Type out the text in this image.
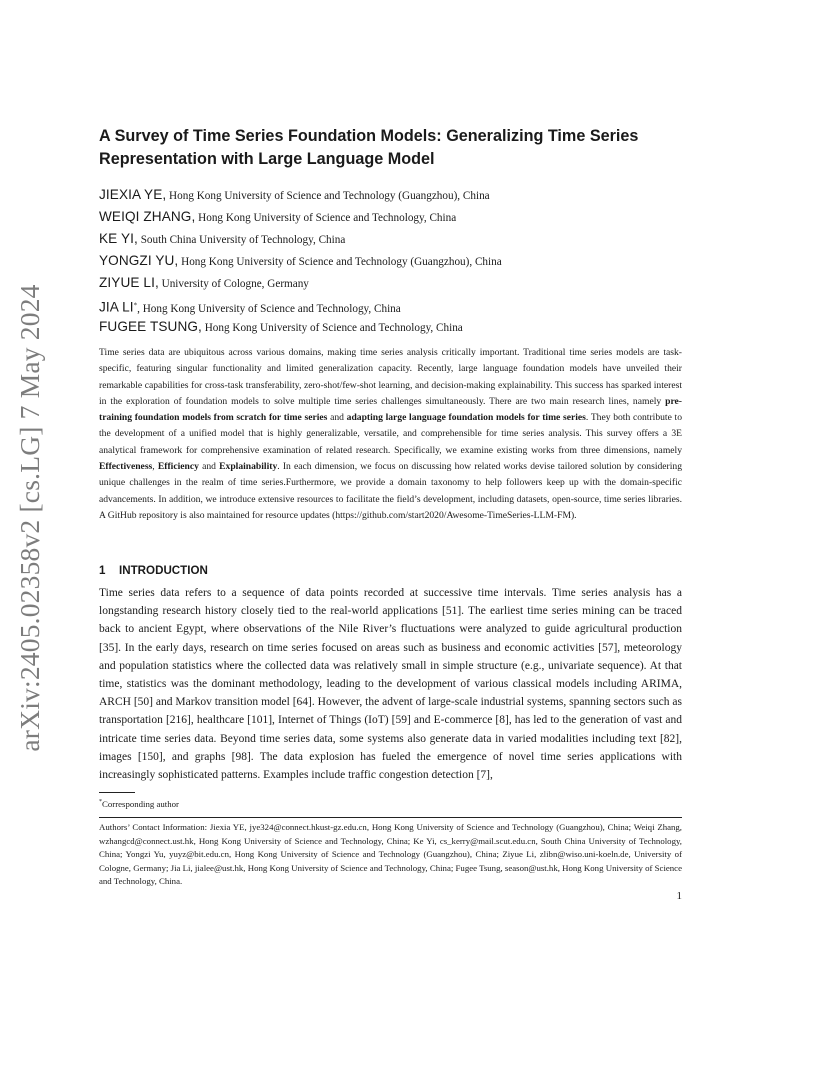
arXiv:2405.02358v2 [cs.LG] 7 May 2024
A Survey of Time Series Foundation Models: Generalizing Time Series Representation with Large Language Model
JIEXIA YE, Hong Kong University of Science and Technology (Guangzhou), China
WEIQI ZHANG, Hong Kong University of Science and Technology, China
KE YI, South China University of Technology, China
YONGZI YU, Hong Kong University of Science and Technology (Guangzhou), China
ZIYUE LI, University of Cologne, Germany
JIA LI*, Hong Kong University of Science and Technology, China
FUGEE TSUNG, Hong Kong University of Science and Technology, China

Time series data are ubiquitous across various domains, making time series analysis critically important. Traditional time series models are task-specific, featuring singular functionality and limited generalization capacity. Recently, large language foundation models have unveiled their remarkable capabilities for cross-task transferability, zero-shot/few-shot learning, and decision-making explainability. This success has sparked interest in the exploration of foundation models to solve multiple time series challenges simultaneously. There are two main research lines, namely pre-training foundation models from scratch for time series and adapting large language foundation models for time series. They both contribute to the development of a unified model that is highly generalizable, versatile, and comprehensible for time series analysis. This survey offers a 3E analytical framework for comprehensive examination of related research. Specifically, we examine existing works from three dimensions, namely Effectiveness, Efficiency and Explainability. In each dimension, we focus on discussing how related works devise tailored solution by considering unique challenges in the realm of time series.Furthermore, we provide a domain taxonomy to help followers keep up with the domain-specific advancements. In addition, we introduce extensive resources to facilitate the field’s development, including datasets, open-source, time series libraries. A GitHub repository is also maintained for resource updates (https://github.com/start2020/Awesome-TimeSeries-LLM-FM).

1 INTRODUCTION

Time series data refers to a sequence of data points recorded at successive time intervals. Time series analysis has a longstanding research history closely tied to the real-world applications [51]. The earliest time series mining can be traced back to ancient Egypt, where observations of the Nile River’s fluctuations were analyzed to guide agricultural production [35]. In the early days, research on time series focused on areas such as business and economic activities [57], meteorology and population statistics where the collected data was relatively small in simple structure (e.g., univariate sequence). At that time, statistics was the dominant methodology, leading to the development of various classical models including ARIMA, ARCH [50] and Markov transition model [64]. However, the advent of large-scale industrial systems, spanning sectors such as transportation [216], healthcare [101], Internet of Things (IoT) [59] and E-commerce [8], has led to the generation of vast and intricate time series data. Beyond time series data, some systems also generate data in varied modalities including text [82], images [150], and graphs [98]. The data explosion has fueled the emergence of novel time series applications with increasingly sophisticated patterns. Examples include traffic congestion detection [7],

*Corresponding author

Authors’ Contact Information: Jiexia YE, jye324@connect.hkust-gz.edu.cn, Hong Kong University of Science and Technology (Guangzhou), China; Weiqi Zhang, wzhangcd@connect.ust.hk, Hong Kong University of Science and Technology, China; Ke Yi, cs_kerry@mail.scut.edu.cn, South China University of Technology, China; Yongzi Yu, yuyz@bit.edu.cn, Hong Kong University of Science and Technology (Guangzhou), China; Ziyue Li, zlibn@wiso.uni-koeln.de, University of Cologne, Germany; Jia Li, jialee@ust.hk, Hong Kong University of Science and Technology, China; Fugee Tsung, season@ust.hk, Hong Kong University of Science and Technology, China.

1
